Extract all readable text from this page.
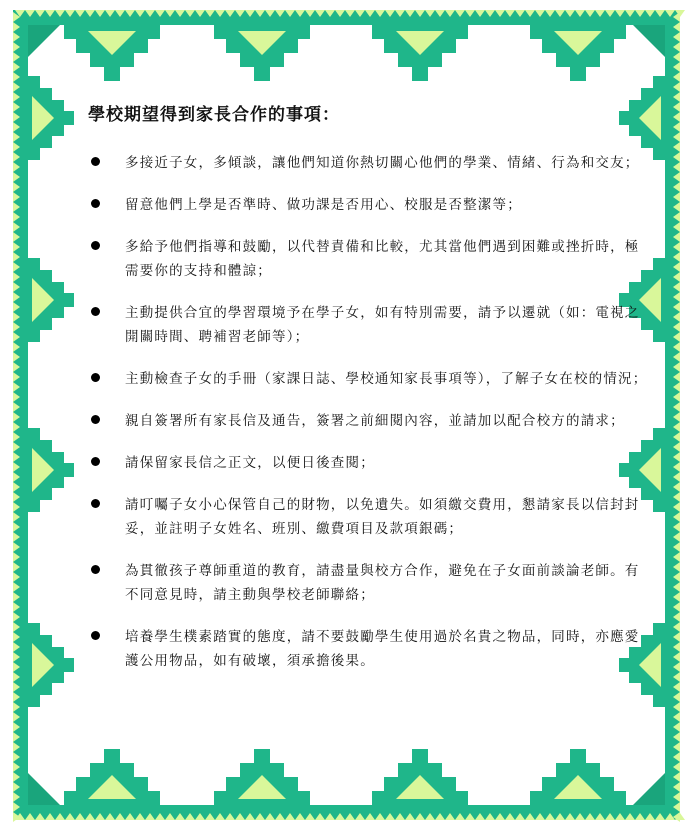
學校期望得到家長合作的事項：
多接近子女，多傾談，讓他們知道你熱切關心他們的學業、情緒、行為和交友；
留意他們上學是否準時、做功課是否用心、校服是否整潔等；
多給予他們指導和鼓勵，以代替責備和比較，尤其當他們遇到困難或挫折時，極需要你的支持和體諒；
主動提供合宜的學習環境予在學子女，如有特別需要，請予以遷就（如：電視之開關時間、聘補習老師等）；
主動檢查子女的手冊（家課日誌、學校通知家長事項等），了解子女在校的情況；
親自簽署所有家長信及通告，簽署之前細閱內容，並請加以配合校方的請求；
請保留家長信之正文，以便日後查閱；
請叮囑子女小心保管自己的財物，以免遺失。如須繳交費用，懇請家長以信封封妥，並註明子女姓名、班別、繳費項目及款項銀碼；
為貫徹孩子尊師重道的教育，請盡量與校方合作，避免在子女面前談論老師。有不同意見時，請主動與學校老師聯絡；
培養學生樸素踏實的態度，請不要鼓勵學生使用過於名貴之物品，同時，亦應愛護公用物品，如有破壞，須承擔後果。
